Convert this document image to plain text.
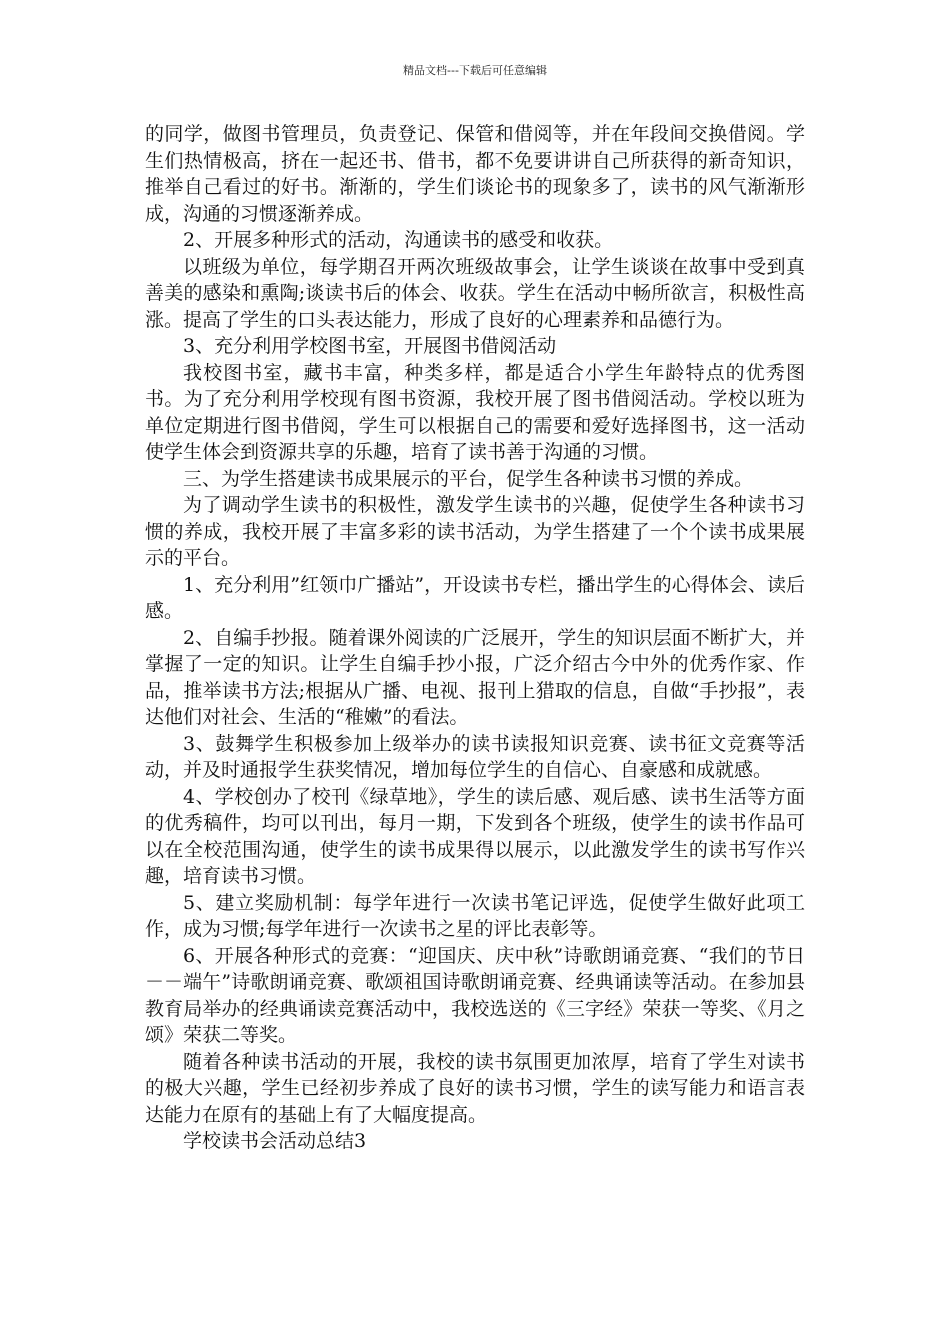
精品文档---下载后可任意编辑

的同学，做图书管理员，负责登记、保管和借阅等，并在年段间交换借阅。学生们热情极高，挤在一起还书、借书，都不免要讲讲自己所获得的新奇知识，推举自己看过的好书。渐渐的，学生们谈论书的现象多了，读书的风气渐渐形成，沟通的习惯逐渐养成。

2、开展多种形式的活动，沟通读书的感受和收获。

以班级为单位，每学期召开两次班级故事会，让学生谈谈在故事中受到真善美的感染和熏陶;谈读书后的体会、收获。学生在活动中畅所欲言，积极性高涨。提高了学生的口头表达能力，形成了良好的心理素养和品德行为。

3、充分利用学校图书室，开展图书借阅活动

我校图书室，藏书丰富，种类多样，都是适合小学生年龄特点的优秀图书。为了充分利用学校现有图书资源，我校开展了图书借阅活动。学校以班为单位定期进行图书借阅，学生可以根据自己的需要和爱好选择图书，这一活动使学生体会到资源共享的乐趣，培育了读书善于沟通的习惯。

三、为学生搭建读书成果展示的平台，促学生各种读书习惯的养成。

为了调动学生读书的积极性，激发学生读书的兴趣，促使学生各种读书习惯的养成，我校开展了丰富多彩的读书活动，为学生搭建了一个个读书成果展示的平台。

1、充分利用”红领巾广播站”，开设读书专栏，播出学生的心得体会、读后感。

2、自编手抄报。随着课外阅读的广泛展开，学生的知识层面不断扩大，并掌握了一定的知识。让学生自编手抄小报，广泛介绍古今中外的优秀作家、作品，推举读书方法;根据从广播、电视、报刊上猎取的信息，自做“手抄报”，表达他们对社会、生活的“稚嫩”的看法。

3、鼓舞学生积极参加上级举办的读书读报知识竞赛、读书征文竞赛等活动，并及时通报学生获奖情况，增加每位学生的自信心、自豪感和成就感。

4、学校创办了校刊《绿草地》，学生的读后感、观后感、读书生活等方面的优秀稿件，均可以刊出，每月一期，下发到各个班级，使学生的读书作品可以在全校范围沟通，使学生的读书成果得以展示，以此激发学生的读书写作兴趣，培育读书习惯。

5、建立奖励机制：每学年进行一次读书笔记评选，促使学生做好此项工作，成为习惯;每学年进行一次读书之星的评比表彰等。

6、开展各种形式的竞赛：“迎国庆、庆中秋”诗歌朗诵竞赛、“我们的节日－－端午”诗歌朗诵竞赛、歌颂祖国诗歌朗诵竞赛、经典诵读等活动。在参加县教育局举办的经典诵读竞赛活动中，我校选送的《三字经》荣获一等奖、《月之颂》荣获二等奖。

随着各种读书活动的开展，我校的读书氛围更加浓厚，培育了学生对读书的极大兴趣，学生已经初步养成了良好的读书习惯，学生的读写能力和语言表达能力在原有的基础上有了大幅度提高。

学校读书会活动总结3
